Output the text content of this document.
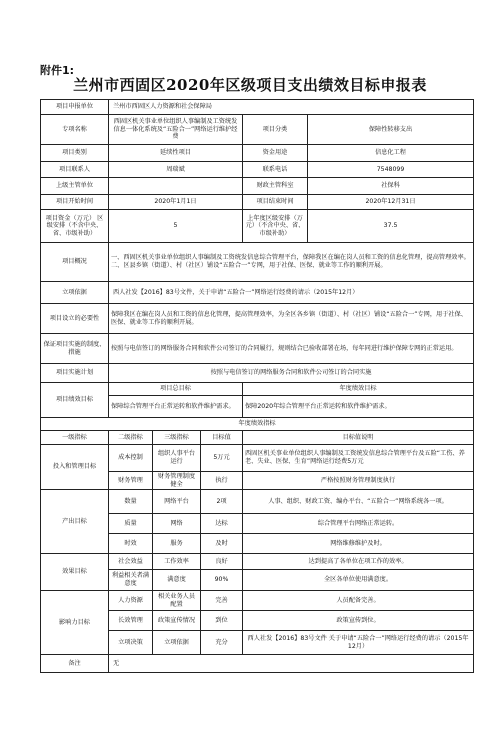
附件1:
兰州市西固区2020年区级项目支出绩效目标申报表
项目申报单位	兰州市西固区人力资源和社会保障局				
专项名称	西固区机关事业单位组织人事编制及工资统发信息一体化系统及“五险合一”网络运行维护经费			项目分类	保障性转移支出
项目类别	延续性项目			资金用途	信息化工程
项目联系人	周瑞斌			联系电话	7548099
上级主管单位				财政主管科室	社保科
项目开始时间	2020年1月1日			项目结束时间	2020年12月31日
项目资金（万元） 区级安排（不含中央、省、市级补助）	5			上年度区级安排（万元）（不含中央、省、市级补助）	37.5
项目概况	一、西固区机关事业单位组织人事编制及工资统发信息综合管理平台，保障我区在编在岗人员和工资的信息化管理，提高管理效率。二、区县乡镇（街道）、村（社区）铺设“五险合一”专网，用于社保、医保、就业等工作的顺利开展。				
立项依据	西人社发【2016】83号文件，关于申请“五险合一”网络运行经费的请示（2015年12月）				
项目设立的必要性	保障我区在编在岗人员和工资的信息化管理，提高管理效率，为全区各乡镇（街道）、村（社区）铺设“五险合一”专网，用于社保、医保、就业等工作的顺利开展。				
保证项目实施的制度、措施	按照与电信签订的网络服务合同和软件公司签订的合同履行，规则结合已验收部署在场，每年同进行维护保障专网的正常运用。				
项目实施计划	按照与电信签订的网络服务合同和软件公司签订的合同实施				
项目绩效目标	项目总目标			年度绩效目标	
	保障综合管理平台正常运转和软件维护需求。			保障2020年综合管理平台正常运转和软件维护需求。	
年度绩效指标					
一级指标	二级指标	三级指标	目标值	目标值说明	
投入和管理目标	成本控制	组织人事平台运行	5万元	西固区机关事业单位组织人事编制及工资统发信息综合管理平台及五险“工伤、养老、失业、医保、生育”网络运行经费5万元	
	财务管理	财务管理制度健全	执行	严格按照财务管理制度执行	
产出目标	数量	网络平台	2项	人事、组织、财政工资、编办平台、“五险合一”网络系统各一项。	
	质量	网络	达标	综合管理平台网络正常运转。	
	时效	服务	及时	网络维修维护及时。	
效果目标	社会效益	工作效率	良好	达到提高了各单位在项工作的效率。	
	利益相关者满意度	满意度	90%	全区各单位使用满意度。	
影响力目标	人力资源	相关业务人员配置	完善	人员配备完善。	
	长效管理	政策宣传情况	到位	政策宣传到位。	
	立项决策	立项依据	充分	西人社发【2016】83号文件 关于申请“五险合一”网络运行经费的请示（2015年12月）	
备注	无				
